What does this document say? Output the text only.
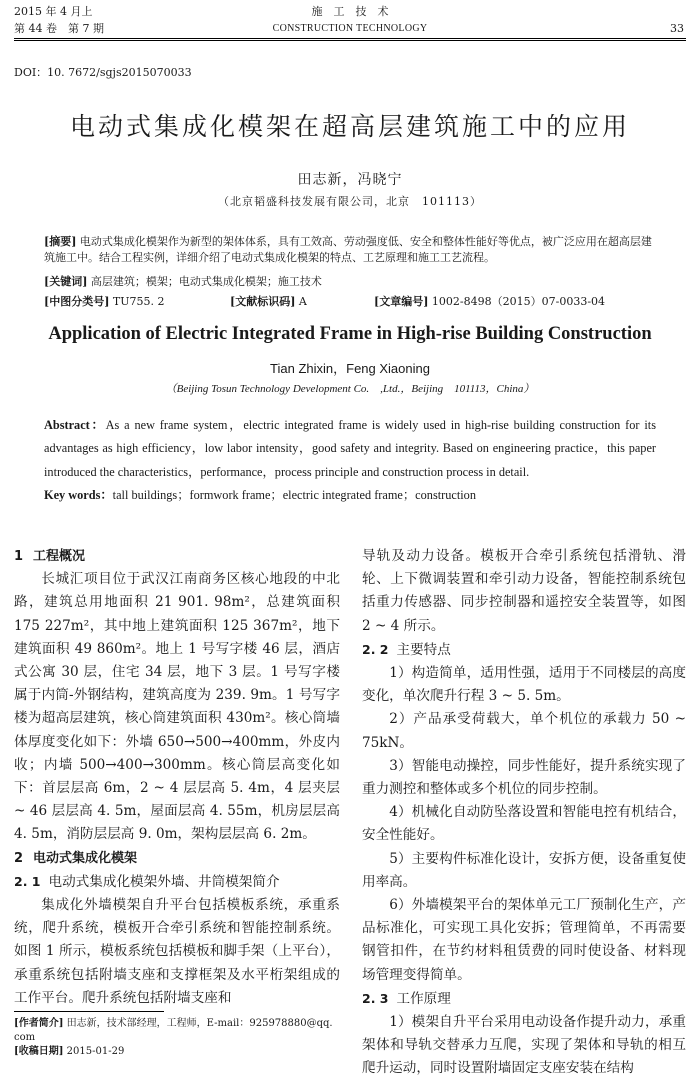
2015 年 4 月上
第 44 卷　第 7 期
施　工　技　术
CONSTRUCTION TECHNOLOGY	33
DOI：10. 7672/sgjs2015070033
电动式集成化模架在超高层建筑施工中的应用
田志新，冯晓宁
（北京韬盛科技发展有限公司，北京　101113）
[摘要] 电动式集成化模架作为新型的架体体系，具有工效高、劳动强度低、安全和整体性能好等优点，被广泛应用在超高层建筑施工中。结合工程实例，详细介绍了电动式集成化模架的特点、工艺原理和施工工艺流程。
[关键词] 高层建筑；模架；电动式集成化模架；施工技术
[中图分类号] TU755. 2	[文献标识码] A	[文章编号] 1002-8498（2015）07-0033-04
Application of Electric Integrated Frame in High-rise Building Construction
Tian Zhixin，Feng Xiaoning
（Beijing Tosun Technology Development Co.　,Ltd.，Beijing　101113，China）
Abstract：As a new frame system，electric integrated frame is widely used in high-rise building construction for its advantages as high efficiency，low labor intensity，good safety and integrity. Based on engineering practice，this paper introduced the characteristics，performance，process principle and construction process in detail.
Key words：tall buildings；formwork frame；electric integrated frame；construction
1 工程概况

长城汇项目位于武汉江南商务区核心地段的中北路，建筑总用地面积 21 901. 98m²，总建筑面积 175 227m²，其中地上建筑面积 125 367m²，地下建筑面积 49 860m²。地上 1 号写字楼 46 层，酒店式公寓 30 层，住宅 34 层，地下 3 层。1 号写字楼属于内筒-外钢结构，建筑高度为 239. 9m。1 号写字楼为超高层建筑，核心筒建筑面积 430m²。核心筒墙体厚度变化如下：外墙 650→500→400mm，外皮内收；内墙 500→400→300mm。核心筒层高变化如下：首层层高 6m，2 ~ 4 层层高 5. 4m，4 层夹层 ~ 46 层层高 4. 5m，屋面层高 4. 55m，机房层层高 4. 5m，消防层层高 9. 0m，架构层层高 6. 2m。

2 电动式集成化模架
2. 1 电动式集成化模架外墙、井筒模架简介

集成化外墙模架自升平台包括模板系统，承重系统，爬升系统，模板开合牵引系统和智能控制系统。如图 1 所示，模板系统包括模板和脚手架（上平台），承重系统包括附墙支座和支撑框架及水平桁架组成的工作平台。爬升系统包括附墙支座和

导轨及动力设备。模板开合牵引系统包括滑轨、滑轮、上下微调装置和牵引动力设备，智能控制系统包括重力传感器、同步控制器和遥控安全装置等，如图 2 ~ 4 所示。

2. 2 主要特点

1）构造简单，适用性强，适用于不同楼层的高度变化，单次爬升行程 3 ~ 5. 5m。

2）产品承受荷载大，单个机位的承载力 50 ~ 75kN。

3）智能电动操控，同步性能好，提升系统实现了重力测控和整体或多个机位的同步控制。

4）机械化自动防坠落设置和智能电控有机结合，安全性能好。

5）主要构件标准化设计，安拆方便，设备重复使用率高。

6）外墙模架平台的架体单元工厂预制化生产，产品标准化，可实现工具化安拆；管理简单，不再需要钢管扣件，在节约材料租赁费的同时使设备、材料现场管理变得简单。

2. 3 工作原理

1）模架自升平台采用电动设备作提升动力，承重架体和导轨交替承力互爬，实现了架体和导轨的相互爬升运动，同时设置附墙固定支座安装在结构

[作者简介] 田志新，技术部经理，工程师，E-mail：925978880@qq. com
[收稿日期] 2015-01-29
